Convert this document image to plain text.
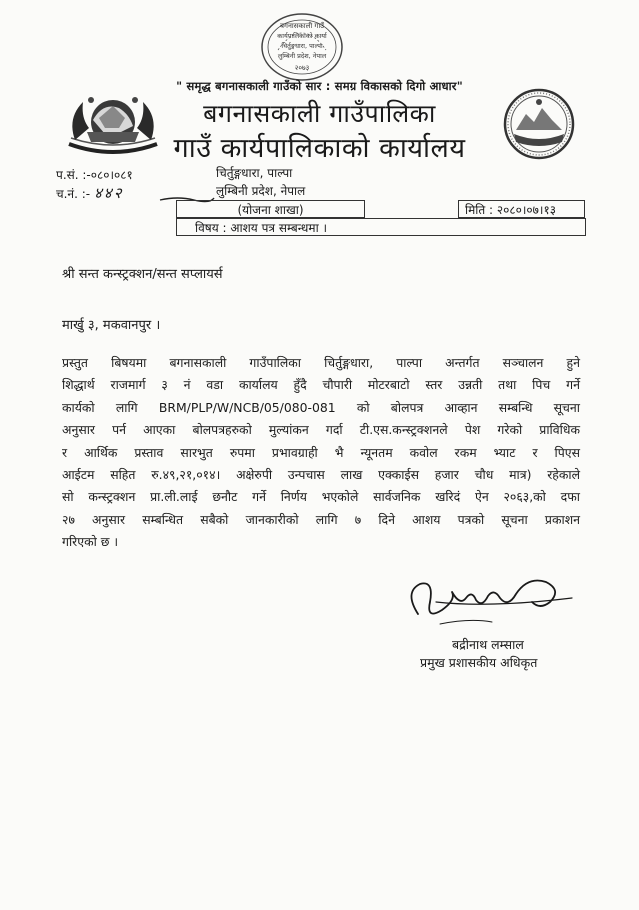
बगनासकाली गाउँ
कार्यपालिकाको कार्या
चिर्तुङ्गधारा, पाल्पा
लुम्बिनी प्रदेश, नेपाल
२०७३
" समृद्ध बगनासकाली गाउँको सार : समग्र विकासको दिगो आधार"
बगनासकाली गाउँपालिका
गाउँ कार्यपालिकाको कार्यालय
प.सं. :-०८०।०८१
च.नं. :- ४४२
चिर्तुङ्गधारा, पाल्पा
लुम्बिनी प्रदेश, नेपाल
(योजना शाखा)	मिति :
२०८०।०७।१३
विषय :
आशय पत्र सम्बन्धमा ।
श्री सन्त कन्स्ट्रक्शन/सन्त सप्लायर्स
मार्खु ३, मकवानपुर ।
प्रस्तुत बिषयमा बगनासकाली गाउँपालिका चिर्तुङ्गधारा, पाल्पा अन्तर्गत सञ्चालन हुने
शिद्धार्थ राजमार्ग ३ नं वडा कार्यालय हुँदै चौपारी मोटरबाटो स्तर उन्नती तथा पिच गर्ने
कार्यको लागि BRM/PLP/W/NCB/05/080-081 को बोलपत्र आव्हान सम्बन्धि सूचना
अनुसार पर्न आएका बोलपत्रहरुको मुल्यांकन गर्दा टी.एस.कन्स्ट्रक्शनले पेश गरेको प्राविधिक
र आर्थिक प्रस्ताव सारभुत रुपमा प्रभावग्राही भै न्यूनतम कवोल रकम भ्याट र पिएस
आईटम सहित रु.४९,२१,०१४। अक्षेरुपी उन्पचास लाख एक्काईस हजार चौध मात्र) रहेकाले
सो कन्स्ट्रक्शन प्रा.ली.लाई छनौट गर्ने निर्णय भएकोले सार्वजनिक खरिदं ऐन २०६३,को दफा
२७ अनुसार सम्बन्धित सबैको जानकारीको लागि ७ दिने आशय पत्रको सूचना प्रकाशन
गरिएको छ ।
बद्रीनाथ लम्साल
प्रमुख प्रशासकीय अधिकृत
